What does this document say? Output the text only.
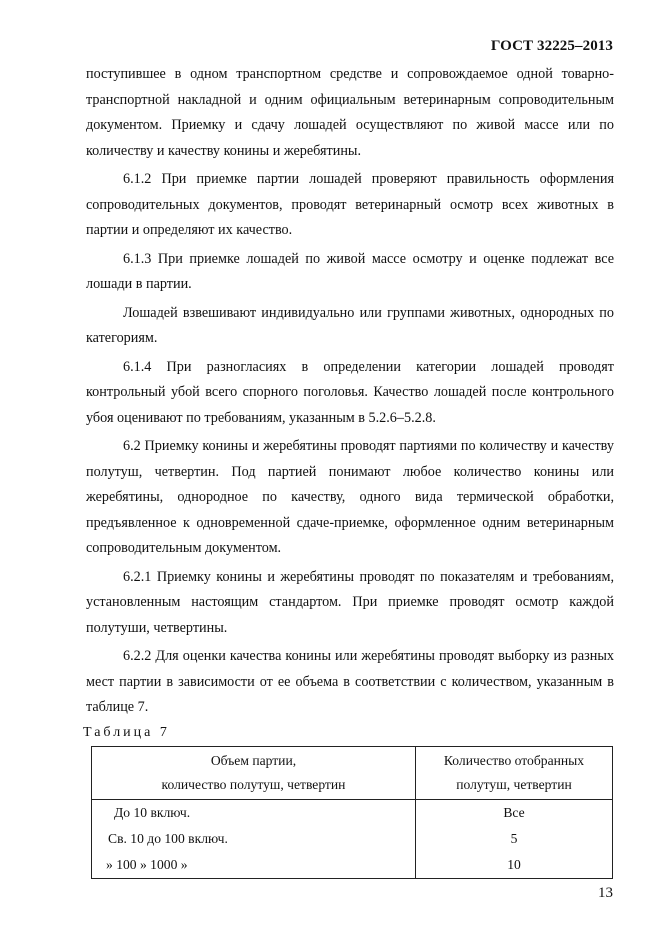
ГОСТ 32225–2013

поступившее в одном транспортном средстве и сопровождаемое одной товарно-транспортной накладной и одним официальным ветеринарным сопроводительным документом. Приемку и сдачу лошадей осуществляют по живой массе или по количеству и качеству конины и жеребятины.

6.1.2 При приемке партии лошадей проверяют правильность оформления сопроводительных документов, проводят ветеринарный осмотр всех животных в партии и определяют их качество.

6.1.3 При приемке лошадей по живой массе осмотру и оценке подлежат все лошади в партии.

Лошадей взвешивают индивидуально или группами животных, однородных по категориям.

6.1.4 При разногласиях в определении категории лошадей проводят контрольный убой всего спорного поголовья. Качество лошадей после контрольного убоя оценивают по требованиям, указанным в 5.2.6–5.2.8.

6.2 Приемку конины и жеребятины проводят партиями по количеству и качеству полутуш, четвертин. Под партией понимают любое количество конины или жеребятины, однородное по качеству, одного вида термической обработки, предъявленное к одновременной сдаче-приемке, оформленное одним ветеринарным сопроводительным документом.

6.2.1 Приемку конины и жеребятины проводят по показателям и требованиям, установленным настоящим стандартом. При приемке проводят осмотр каждой полутуши, четвертины.

6.2.2 Для оценки качества конины или жеребятины проводят выборку из разных мест партии в зависимости от ее объема в соответствии с количеством, указанным в таблице 7.

Таблица 7
Объем партии,
количество полутуш, четвертин	Количество отобранных
полутуш, четвертин
До 10 включ.	Все
Св. 10 до 100 включ.	5
» 100 » 1000 »	10
13
